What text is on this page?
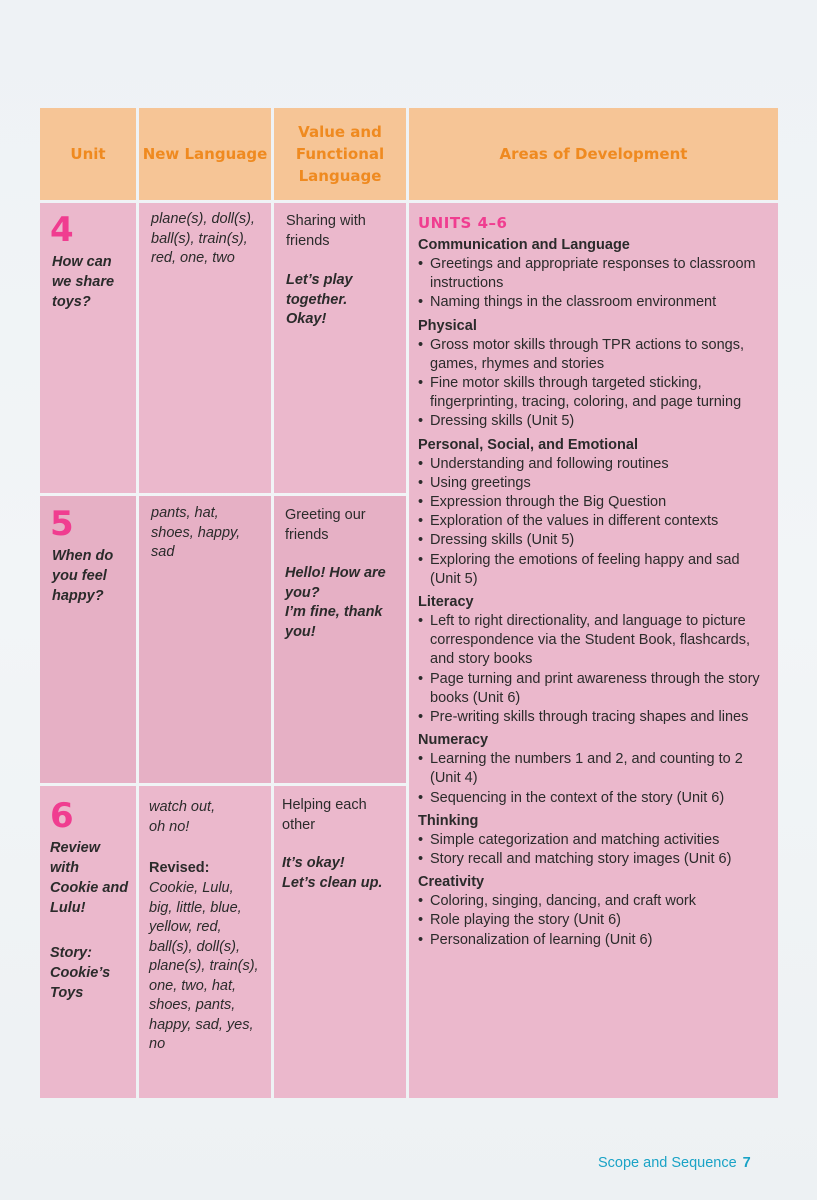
Unit	New Language
Value and
Functional
Language
Areas of Development
4
How can
we share
toys?
plane(s), doll(s),
ball(s), train(s),
red, one, two
Sharing with
friends
Let’s play
together.
Okay!
5
When do
you feel
happy?
pants, hat,
shoes, happy,
sad
Greeting our
friends
Hello! How are
you?
I’m fine, thank
you!
6
Review
with
Cookie and
Lulu!
Story:
Cookie’s
Toys
watch out,
oh no!
Revised:
Cookie, Lulu,
big, little, blue,
yellow, red,
ball(s), doll(s),
plane(s), train(s),
one, two, hat,
shoes, pants,
happy, sad, yes,
no
Helping each
other
It’s okay!
Let’s clean up.
UNITS 4–6
Communication and Language
• Greetings and appropriate responses to classroom instructions
• Naming things in the classroom environment
Physical
• Gross motor skills through TPR actions to songs, games, rhymes and stories
• Fine motor skills through targeted sticking, fingerprinting, tracing, coloring, and page turning
• Dressing skills (Unit 5)
Personal, Social, and Emotional
• Understanding and following routines
• Using greetings
• Expression through the Big Question
• Exploration of the values in different contexts
• Dressing skills (Unit 5)
• Exploring the emotions of feeling happy and sad (Unit 5)
Literacy
• Left to right directionality, and language to picture correspondence via the Student Book, flashcards, and story books
• Page turning and print awareness through the story books (Unit 6)
• Pre-writing skills through tracing shapes and lines
Numeracy
• Learning the numbers 1 and 2, and counting to 2 (Unit 4)
• Sequencing in the context of the story (Unit 6)
Thinking
• Simple categorization and matching activities
• Story recall and matching story images (Unit 6)
Creativity
• Coloring, singing, dancing, and craft work
• Role playing the story (Unit 6)
• Personalization of learning (Unit 6)
Scope and Sequence 7
